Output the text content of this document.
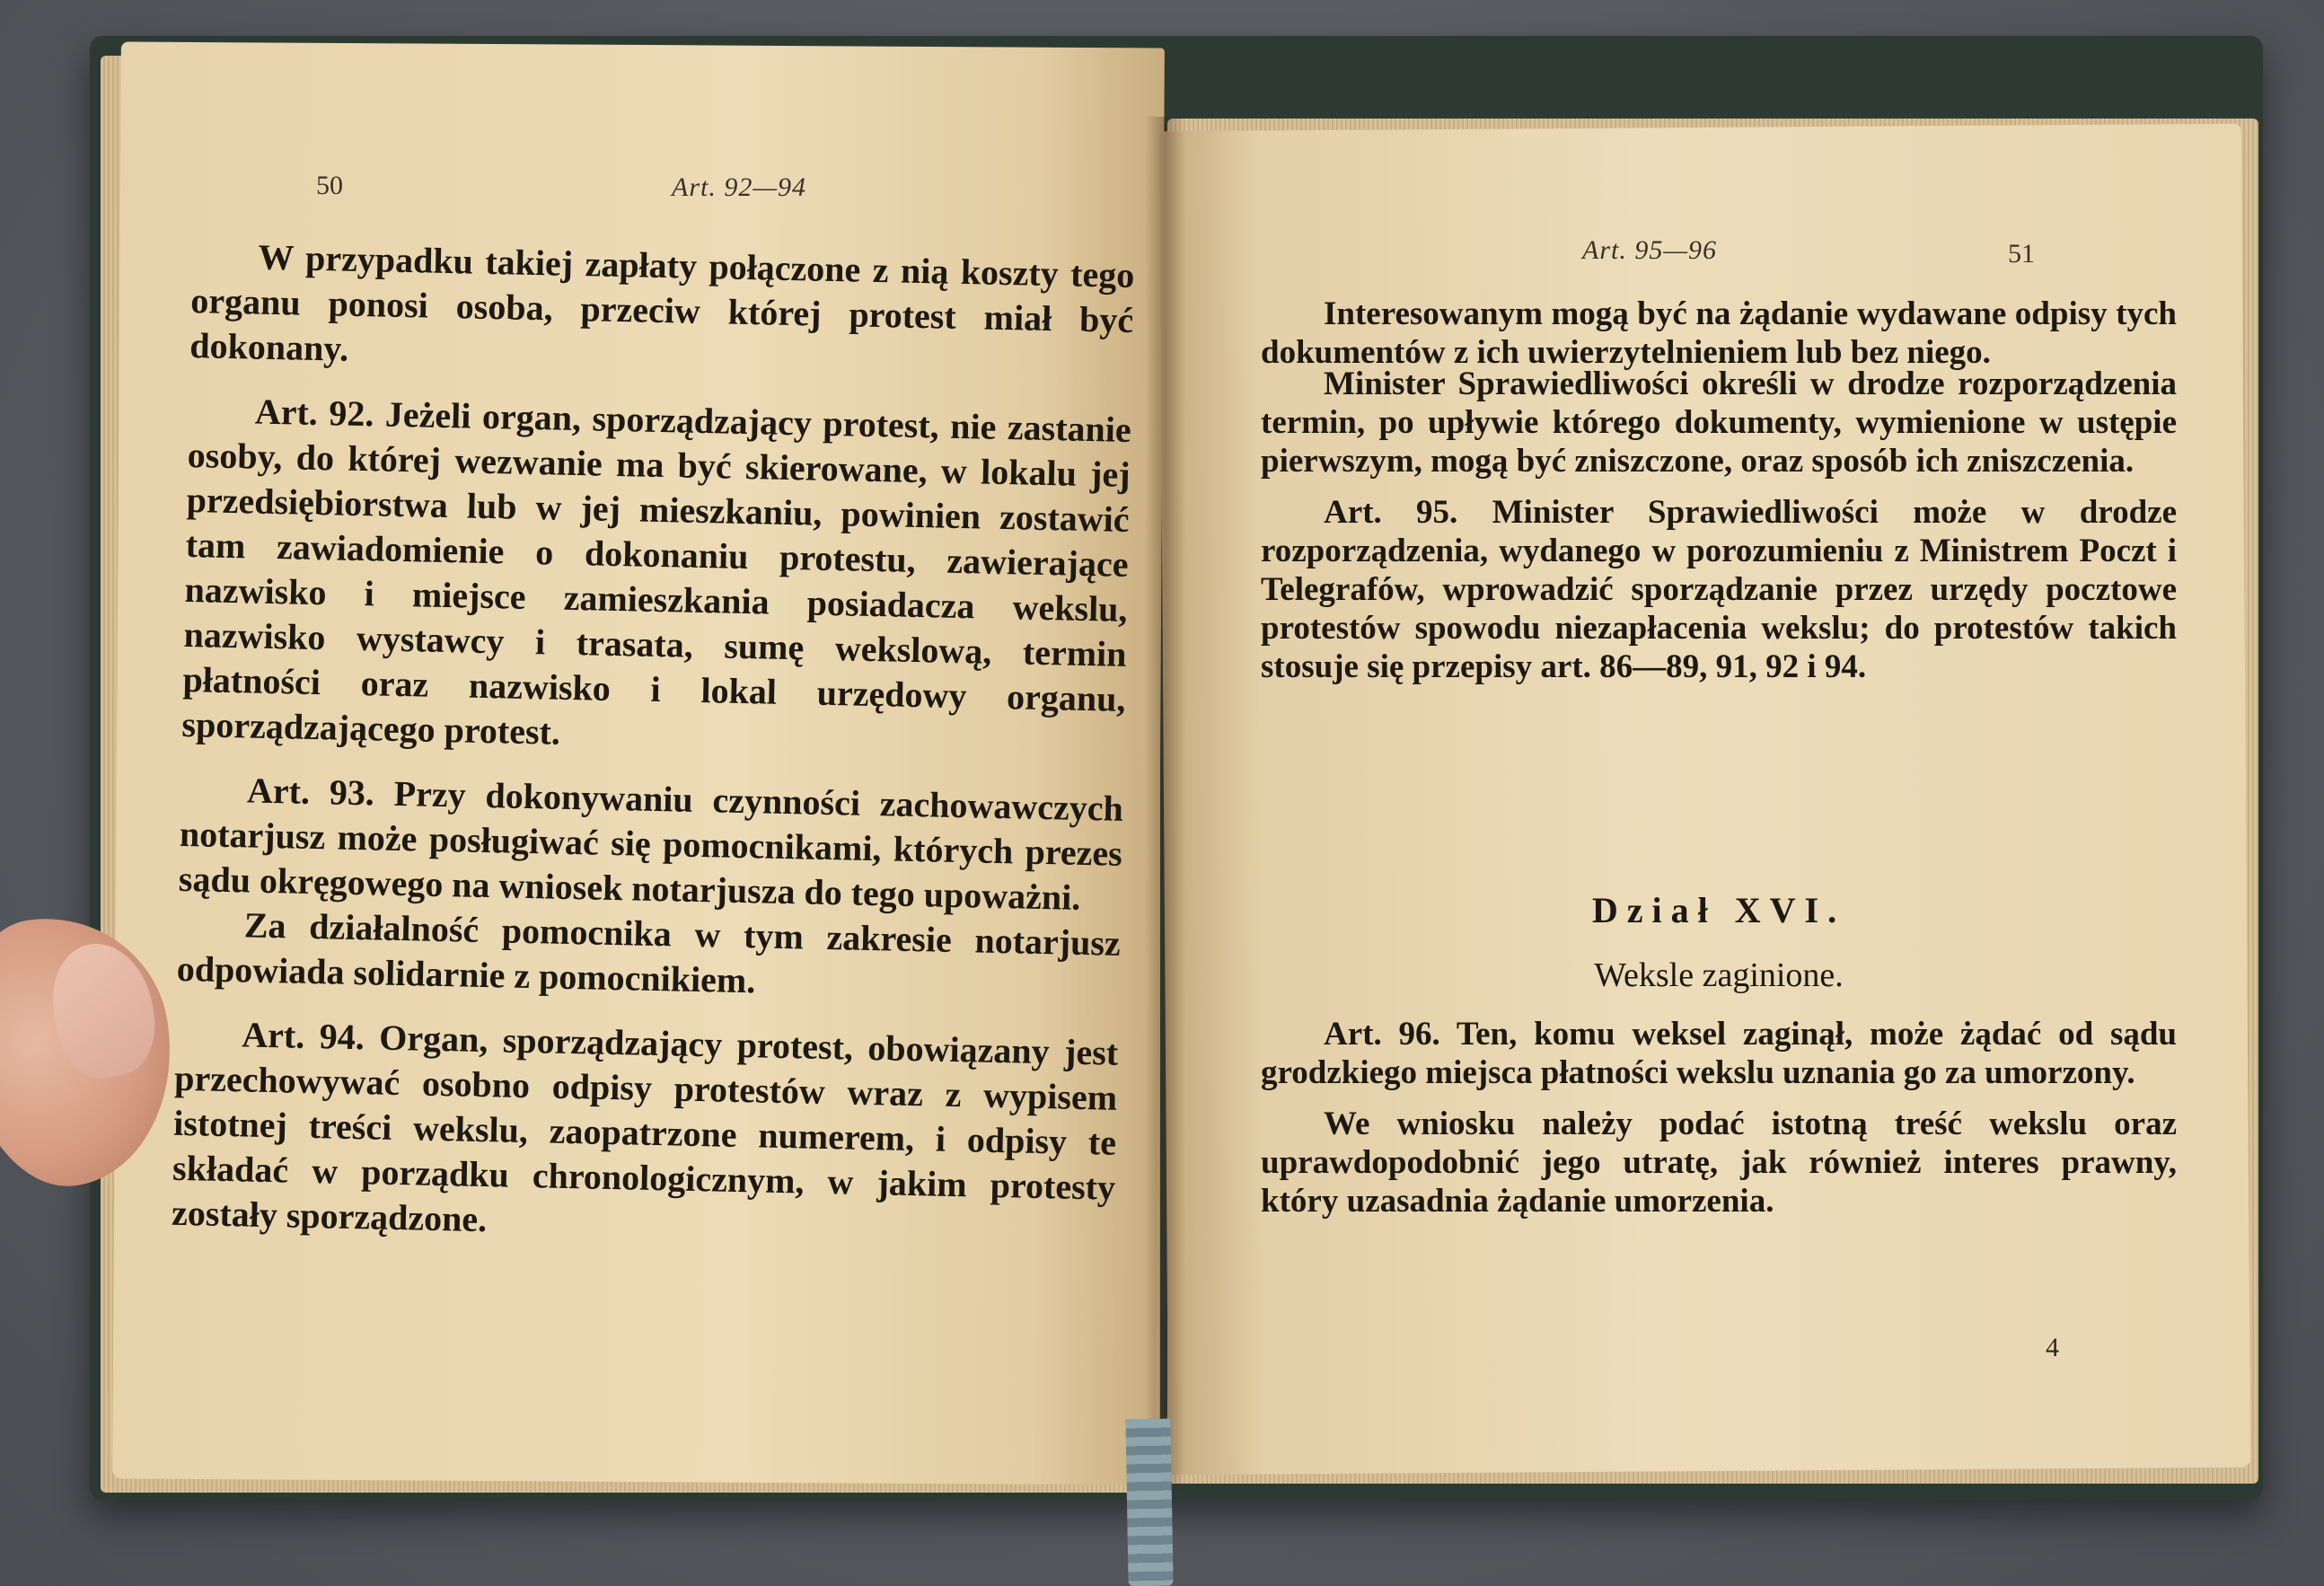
50	Art. 92—94

W przypadku takiej zapłaty połączone z nią koszty tego organu ponosi osoba, przeciw której protest miał być dokonany.

Art. 92. Jeżeli organ, sporządzający protest, nie zastanie osoby, do której wezwanie ma być skierowane, w lokalu jej przedsiębiorstwa lub w jej mieszkaniu, powinien zostawić tam zawiadomienie o dokonaniu protestu, zawierające nazwisko i miejsce zamieszkania posiadacza wekslu, nazwisko wystawcy i trasata, sumę wekslową, termin płatności oraz nazwisko i lokal urzędowy organu, sporządzającego protest.

Art. 93. Przy dokonywaniu czynności zachowawczych notarjusz może posługiwać się pomocnikami, których prezes sądu okręgowego na wniosek notarjusza do tego upoważni.

Za działalność pomocnika w tym zakresie notarjusz odpowiada solidarnie z pomocnikiem.

Art. 94. Organ, sporządzający protest, obowiązany jest przechowywać osobno odpisy protestów wraz z wypisem istotnej treści wekslu, zaopatrzone numerem, i odpisy te składać w porządku chronologicznym, w jakim protesty zostały sporządzone.

Art. 95—96	51

Interesowanym mogą być na żądanie wydawane odpisy tych dokumentów z ich uwierzytelnieniem lub bez niego.

Minister Sprawiedliwości określi w drodze rozporządzenia termin, po upływie którego dokumenty, wymienione w ustępie pierwszym, mogą być zniszczone, oraz sposób ich zniszczenia.

Art. 95. Minister Sprawiedliwości może w drodze rozporządzenia, wydanego w porozumieniu z Ministrem Poczt i Telegrafów, wprowadzić sporządzanie przez urzędy pocztowe protestów spowodu niezapłacenia wekslu; do protestów takich stosuje się przepisy art. 86—89, 91, 92 i 94.

Dział XVI.
Weksle zaginione.

Art. 96. Ten, komu weksel zaginął, może żądać od sądu grodzkiego miejsca płatności wekslu uznania go za umorzony.

We wniosku należy podać istotną treść wekslu oraz uprawdopodobnić jego utratę, jak również interes prawny, który uzasadnia żądanie umorzenia.

4
